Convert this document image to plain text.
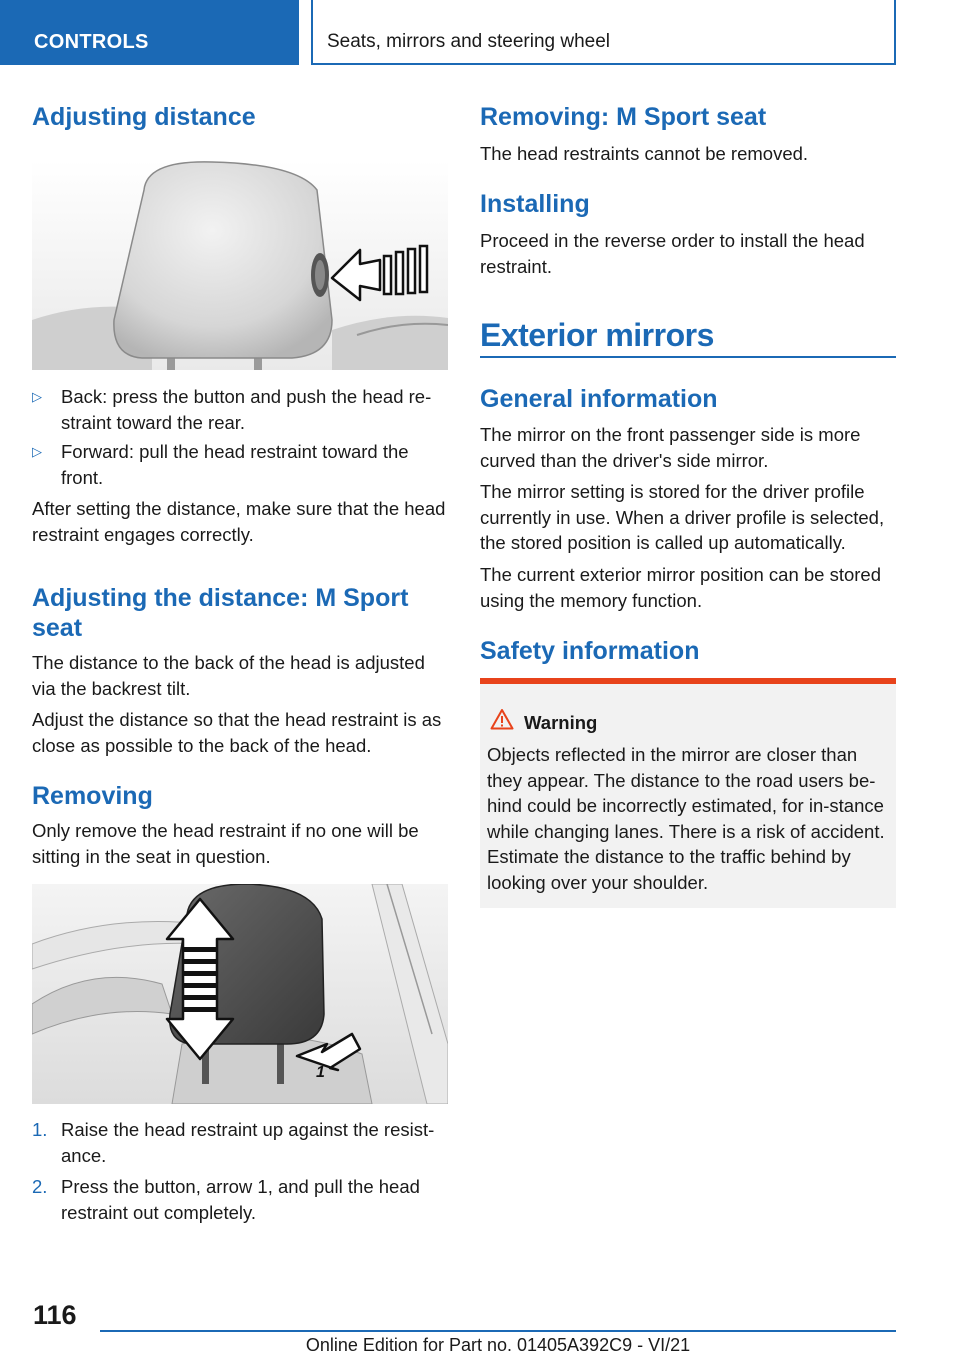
CONTROLS	Seats, mirrors and steering wheel
Adjusting distance
▷ Back: press the button and push the head re-straint toward the rear.
▷ Forward: pull the head restraint toward the front.
After setting the distance, make sure that the head restraint engages correctly.
Adjusting the distance: M Sport seat
The distance to the back of the head is adjusted via the backrest tilt.
Adjust the distance so that the head restraint is as close as possible to the back of the head.
Removing
Only remove the head restraint if no one will be sitting in the seat in question.
1
1. Raise the head restraint up against the resist-ance.
2. Press the button, arrow 1, and pull the head restraint out completely.
Removing: M Sport seat
The head restraints cannot be removed.
Installing
Proceed in the reverse order to install the head restraint.
Exterior mirrors
General information
The mirror on the front passenger side is more curved than the driver's side mirror.
The mirror setting is stored for the driver profile currently in use. When a driver profile is selected, the stored position is called up automatically.
The current exterior mirror position can be stored using the memory function.
Safety information
Warning
Objects reflected in the mirror are closer than they appear. The distance to the road users be-hind could be incorrectly estimated, for in-stance while changing lanes. There is a risk of accident. Estimate the distance to the traffic behind by looking over your shoulder.
116
Online Edition for Part no. 01405A392C9 - VI/21
